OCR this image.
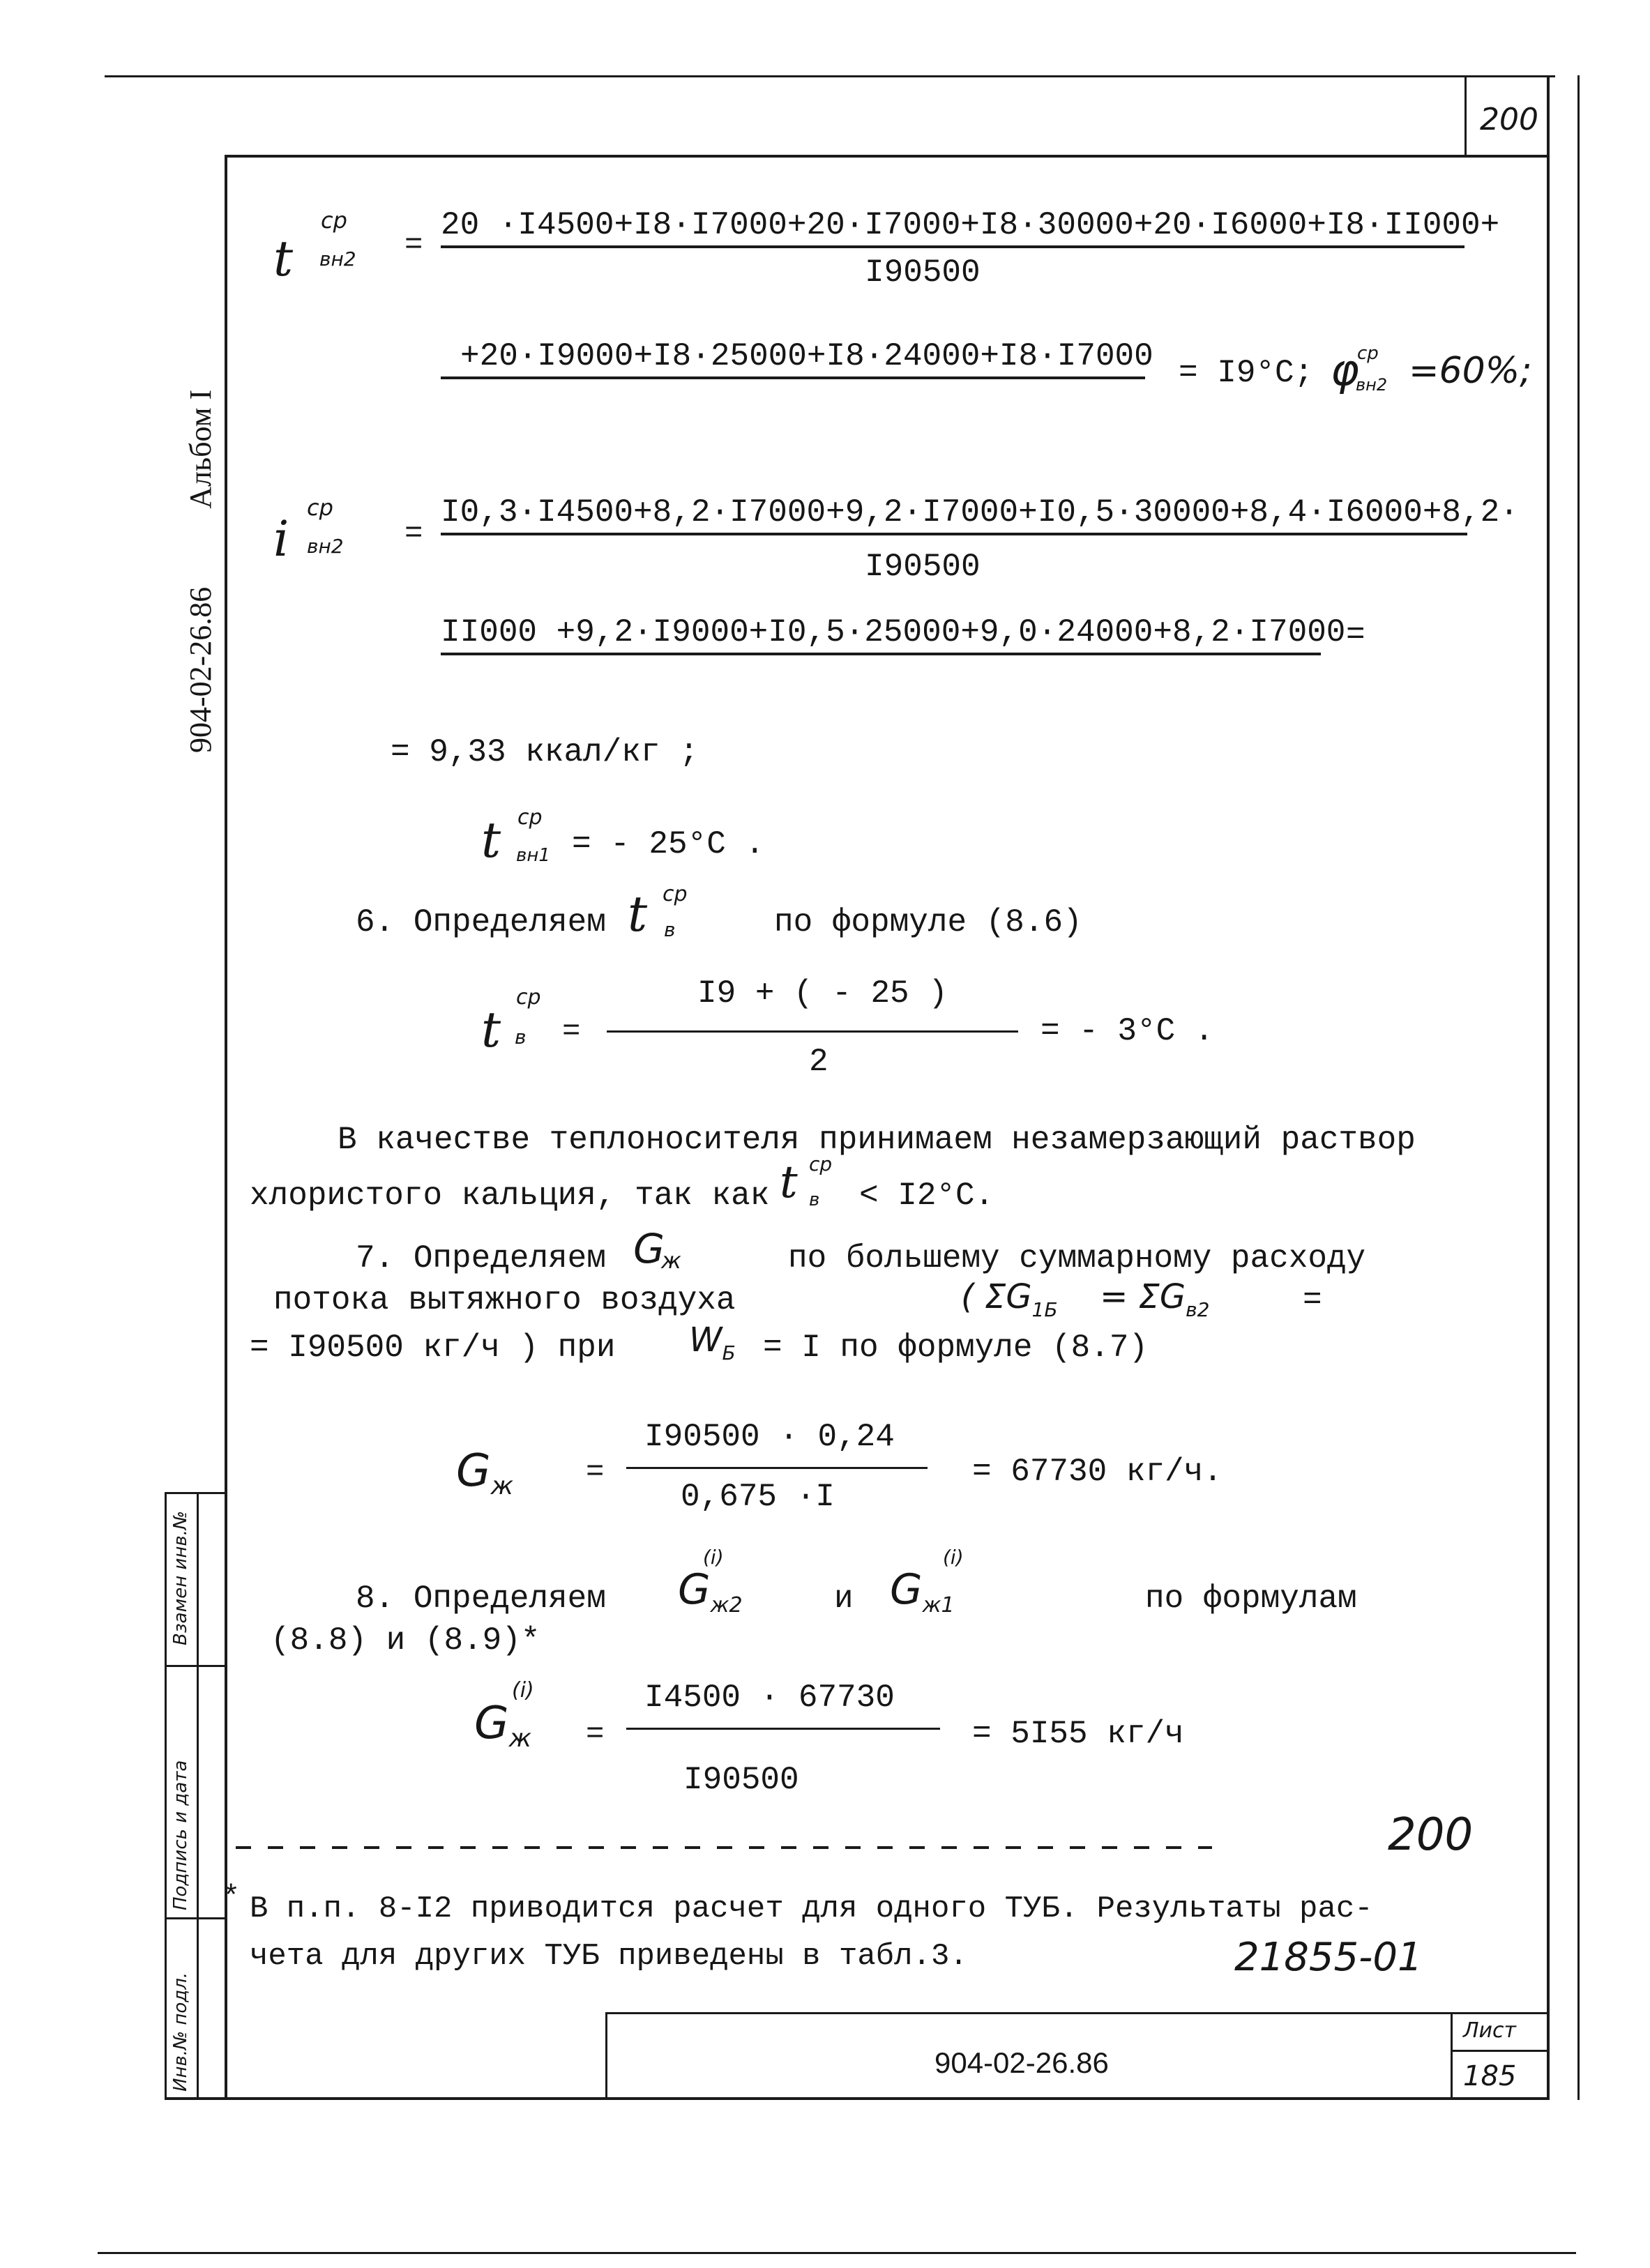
200
904-02-26.86  Альбом I
Взамен инв.№
Подпись и дата
Инв.№ подл.	904-02-26.86
Лист
185
t
ср
вн2 =
20 ·I4500+I8·I7000+20·I7000+I8·30000+20·I6000+I8·II000+
I90500
+20·I9000+I8·25000+I8·24000+I8·I7000 = I9°C; φ
ср
вн2 =60%;
i
ср
вн2 =
I0,3·I4500+8,2·I7000+9,2·I7000+I0,5·30000+8,4·I6000+8,2·
I90500
II000 +9,2·I9000+I0,5·25000+9,0·24000+8,2·I7000 =
= 9,33 ккал/кг ;
t ср
вн1 = - 25°C .
6. Определяем t ср
в	по формуле (8.6)
t
ср
в =
I9 + ( - 25 )
2
= - 3°C .
В качестве теплоносителя принимаем незамерзающий раствор
хлористого кальция, так как t ср
в < I2°C.
7. Определяем G
ж	по большему суммарному расходу
потока вытяжного воздуха	( $\Sigma G_{1Б} = \Sigma G_{в2}$	=
= I90500 кг/ч ) при $W_Б = I$ по формуле (8.7)
$G_ж$ =
I90500 · 0,24
0,675 ·I
= 67730 кг/ч.
8. Определяем $G_{ж2}$
(i)
и $G_{ж1}$
(i)
по формулам
(8.8) и (8.9)*
$G_ж$
(i)
=
I4500 · 67730
I90500
= 5I55 кг/ч
200
* В п.п. 8-I2 приводится расчет для одного ТУБ. Результаты рас-
чета для других ТУБ приведены в табл.3.	21855-01
